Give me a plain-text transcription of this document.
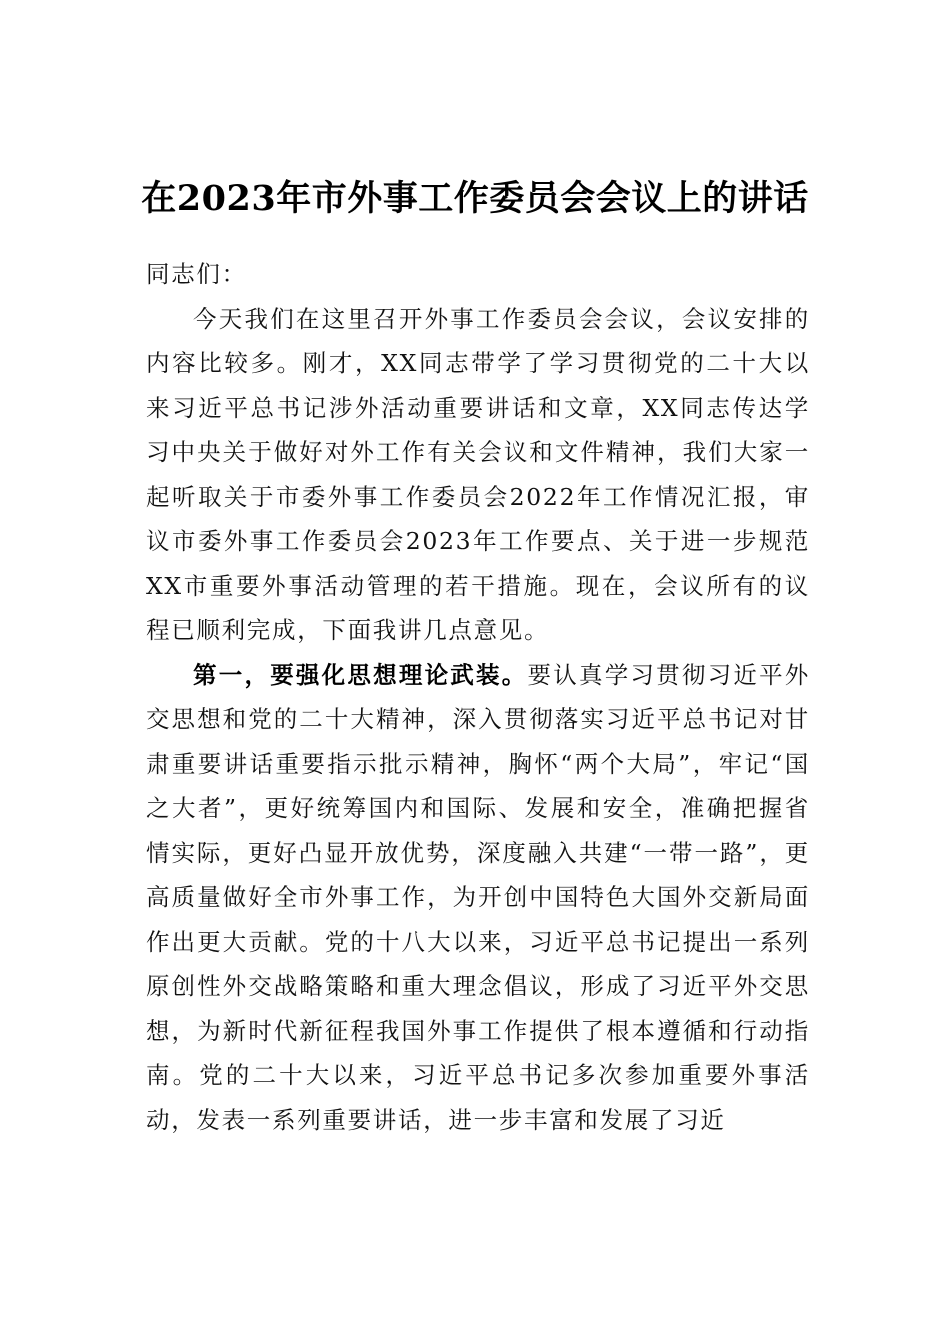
在2023年市外事工作委员会会议上的讲话

同志们：

今天我们在这里召开外事工作委员会会议，会议安排的内容比较多。刚才，XX同志带学了学习贯彻党的二十大以来习近平总书记涉外活动重要讲话和文章，XX同志传达学习中央关于做好对外工作有关会议和文件精神，我们大家一起听取关于市委外事工作委员会2022年工作情况汇报，审议市委外事工作委员会2023年工作要点、关于进一步规范XX市重要外事活动管理的若干措施。现在，会议所有的议程已顺利完成，下面我讲几点意见。

第一，要强化思想理论武装。要认真学习贯彻习近平外交思想和党的二十大精神，深入贯彻落实习近平总书记对甘肃重要讲话重要指示批示精神，胸怀“两个大局”，牢记“国之大者”，更好统筹国内和国际、发展和安全，准确把握省情实际，更好凸显开放优势，深度融入共建“一带一路”，更高质量做好全市外事工作，为开创中国特色大国外交新局面作出更大贡献。党的十八大以来，习近平总书记提出一系列原创性外交战略策略和重大理念倡议，形成了习近平外交思想，为新时代新征程我国外事工作提供了根本遵循和行动指南。党的二十大以来，习近平总书记多次参加重要外事活动，发表一系列重要讲话，进一步丰富和发展了习近
